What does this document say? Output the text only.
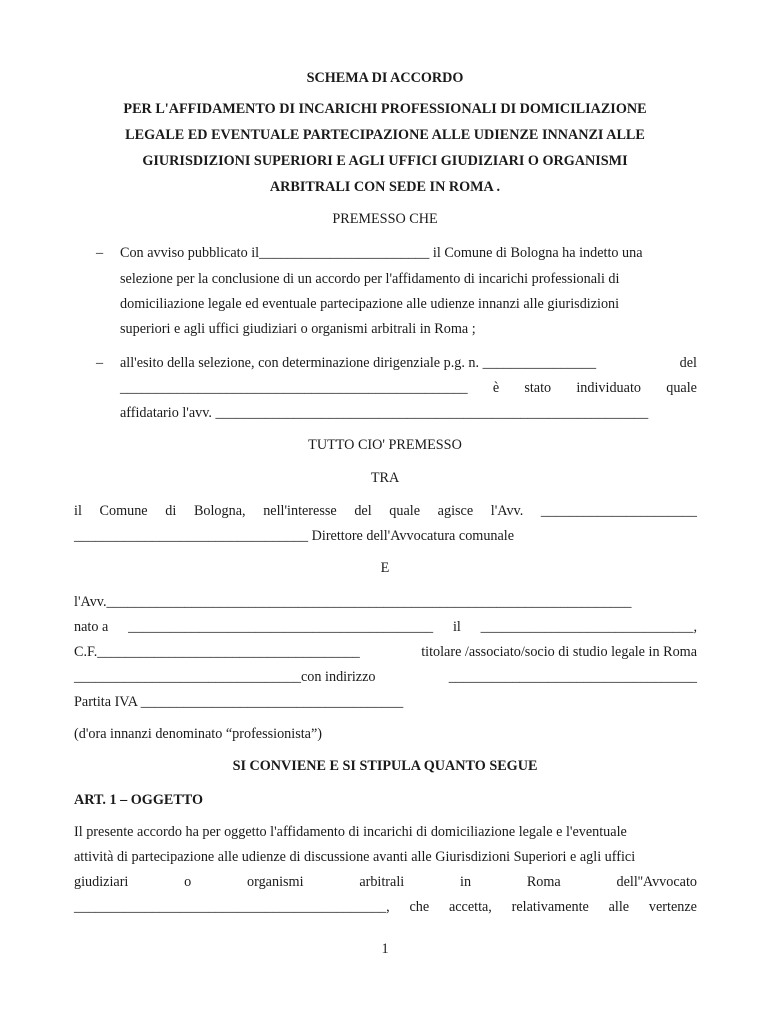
SCHEMA DI ACCORDO
PER L'AFFIDAMENTO DI INCARICHI PROFESSIONALI DI DOMICILIAZIONE
LEGALE ED EVENTUALE PARTECIPAZIONE ALLE UDIENZE INNANZI ALLE
GIURISDIZIONI SUPERIORI E AGLI UFFICI GIUDIZIARI O ORGANISMI
ARBITRALI CON SEDE IN ROMA .
PREMESSO CHE
– Con avviso pubblicato il________________________ il Comune di Bologna ha indetto una
selezione per la conclusione di un accordo per l'affidamento di incarichi professionali di
domiciliazione legale ed eventuale partecipazione alle udienze innanzi alle giurisdizioni
superiori e agli uffici giudiziari o organismi arbitrali in Roma ;
– all'esito della selezione, con determinazione dirigenziale p.g. n. ________________	del
_________________________________________________ è stato individuato quale
affidatario l'avv. _____________________________________________________________
TUTTO CIO' PREMESSO
TRA
il Comune di Bologna, nell'interesse del quale agisce l'Avv. ______________________
_________________________________ Direttore dell'Avvocatura comunale
E
l'Avv.__________________________________________________________________________
nato a ___________________________________________ il ______________________________,
C.F._____________________________________	titolare /associato/socio di studio legale in Roma
________________________________con indirizzo	___________________________________
Partita IVA _____________________________________
(d'ora innanzi denominato “professionista”)
SI CONVIENE E SI STIPULA QUANTO SEGUE
ART. 1 – OGGETTO
Il presente accordo ha per oggetto l'affidamento di incarichi di domiciliazione legale e l'eventuale
attività di partecipazione alle udienze di discussione avanti alle Giurisdizioni Superiori e agli uffici
giudiziari	o	organismi	arbitrali	in	Roma	dell''Avvocato
____________________________________________, che accetta, relativamente alle vertenze
1
